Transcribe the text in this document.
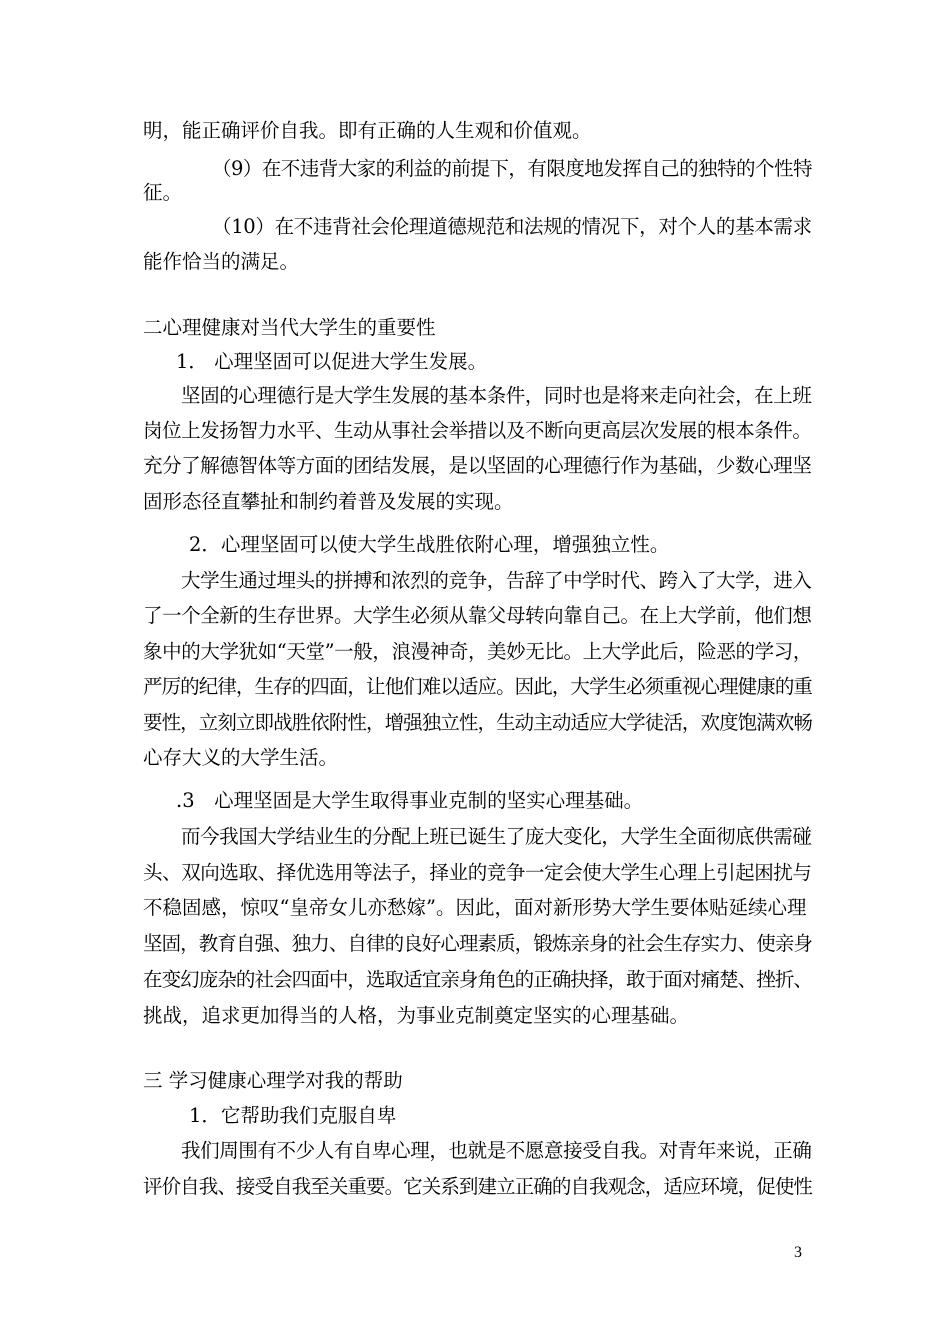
明，能正确评价自我。即有正确的人生观和价值观。
（9）在不违背大家的利益的前提下，有限度地发挥自己的独特的个性特
征。
（10）在不违背社会伦理道德规范和法规的情况下，对个人的基本需求
能作恰当的满足。
二心理健康对当代大学生的重要性
1． 心理坚固可以促进大学生发展。
坚固的心理德行是大学生发展的基本条件，同时也是将来走向社会，在上班
岗位上发扬智力水平、生动从事社会举措以及不断向更高层次发展的根本条件。
充分了解德智体等方面的团结发展，是以坚固的心理德行作为基础，少数心理坚
固形态径直攀扯和制约着普及发展的实现。
2．心理坚固可以使大学生战胜依附心理，增强独立性。
大学生通过埋头的拼搏和浓烈的竞争，告辞了中学时代、跨入了大学，进入
了一个全新的生存世界。大学生必须从靠父母转向靠自己。在上大学前，他们想
象中的大学犹如“天堂”一般，浪漫神奇，美妙无比。上大学此后，险恶的学习，
严厉的纪律，生存的四面，让他们难以适应。因此，大学生必须重视心理健康的重
要性，立刻立即战胜依附性，增强独立性，生动主动适应大学徒活，欢度饱满欢畅
心存大义的大学生活。
.3　心理坚固是大学生取得事业克制的坚实心理基础。
而今我国大学结业生的分配上班已诞生了庞大变化，大学生全面彻底供需碰
头、双向选取、择优选用等法子，择业的竞争一定会使大学生心理上引起困扰与
不稳固感，惊叹“皇帝女儿亦愁嫁”。因此，面对新形势大学生要体贴延续心理
坚固，教育自强、独力、自律的良好心理素质，锻炼亲身的社会生存实力、使亲身
在变幻庞杂的社会四面中，选取适宜亲身角色的正确抉择，敢于面对痛楚、挫折、
挑战，追求更加得当的人格，为事业克制奠定坚实的心理基础。
三 学习健康心理学对我的帮助
1．它帮助我们克服自卑
我们周围有不少人有自卑心理，也就是不愿意接受自我。对青年来说，正确
评价自我、接受自我至关重要。它关系到建立正确的自我观念，适应环境，促使性
3
